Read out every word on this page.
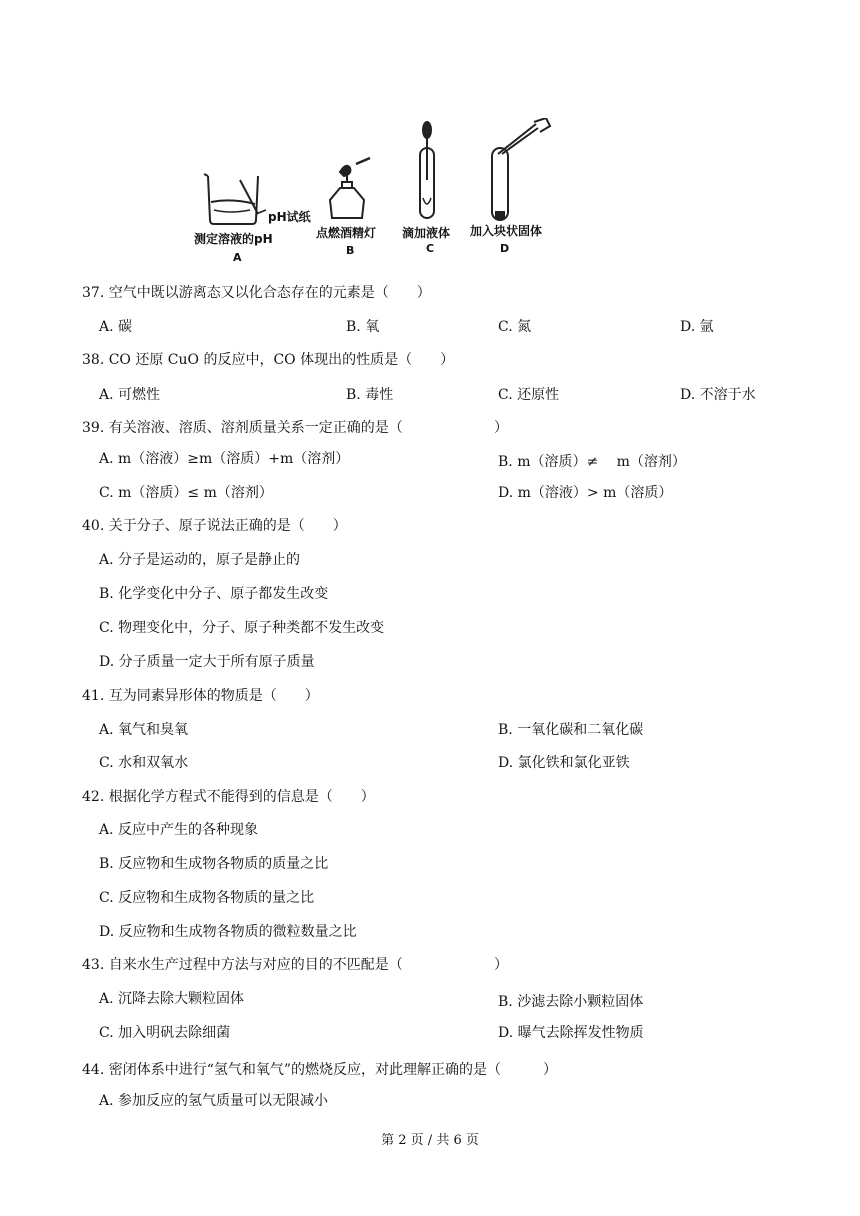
pH试纸
测定溶液的pH	点燃酒精灯 滴加液体 加入块状固体
A
B	C	D
37. 空气中既以游离态又以化合态存在的元素是（　　）
A. 碳	B. 氧	C. 氮	D. 氩
38. CO 还原 CuO 的反应中，CO 体现出的性质是（　　）
A. 可燃性	B. 毒性	C. 还原性	D. 不溶于水
39. 有关溶液、溶质、溶剂质量关系一定正确的是（	）
A. m（溶液）≥m（溶质）+m（溶剂）	B. m（溶质）≠　 m（溶剂）
C. m（溶质）≤ m（溶剂）	D. m（溶液）> m（溶质）
40. 关于分子、原子说法正确的是（　　）
A. 分子是运动的，原子是静止的
B. 化学变化中分子、原子都发生改变
C. 物理变化中，分子、原子种类都不发生改变
D. 分子质量一定大于所有原子质量
41. 互为同素异形体的物质是（　　）
A. 氧气和臭氧	B. 一氧化碳和二氧化碳
C. 水和双氧水	D. 氯化铁和氯化亚铁
42. 根据化学方程式不能得到的信息是（　　）
A. 反应中产生的各种现象
B. 反应物和生成物各物质的质量之比
C. 反应物和生成物各物质的量之比
D. 反应物和生成物各物质的微粒数量之比
43. 自来水生产过程中方法与对应的目的不匹配是（	）
A. 沉降去除大颗粒固体	B. 沙滤去除小颗粒固体
C. 加入明矾去除细菌	D. 曝气去除挥发性物质
44. 密闭体系中进行“氢气和氧气”的燃烧反应，对此理解正确的是（　　　）
A. 参加反应的氢气质量可以无限减小
第 2 页 / 共 6 页
